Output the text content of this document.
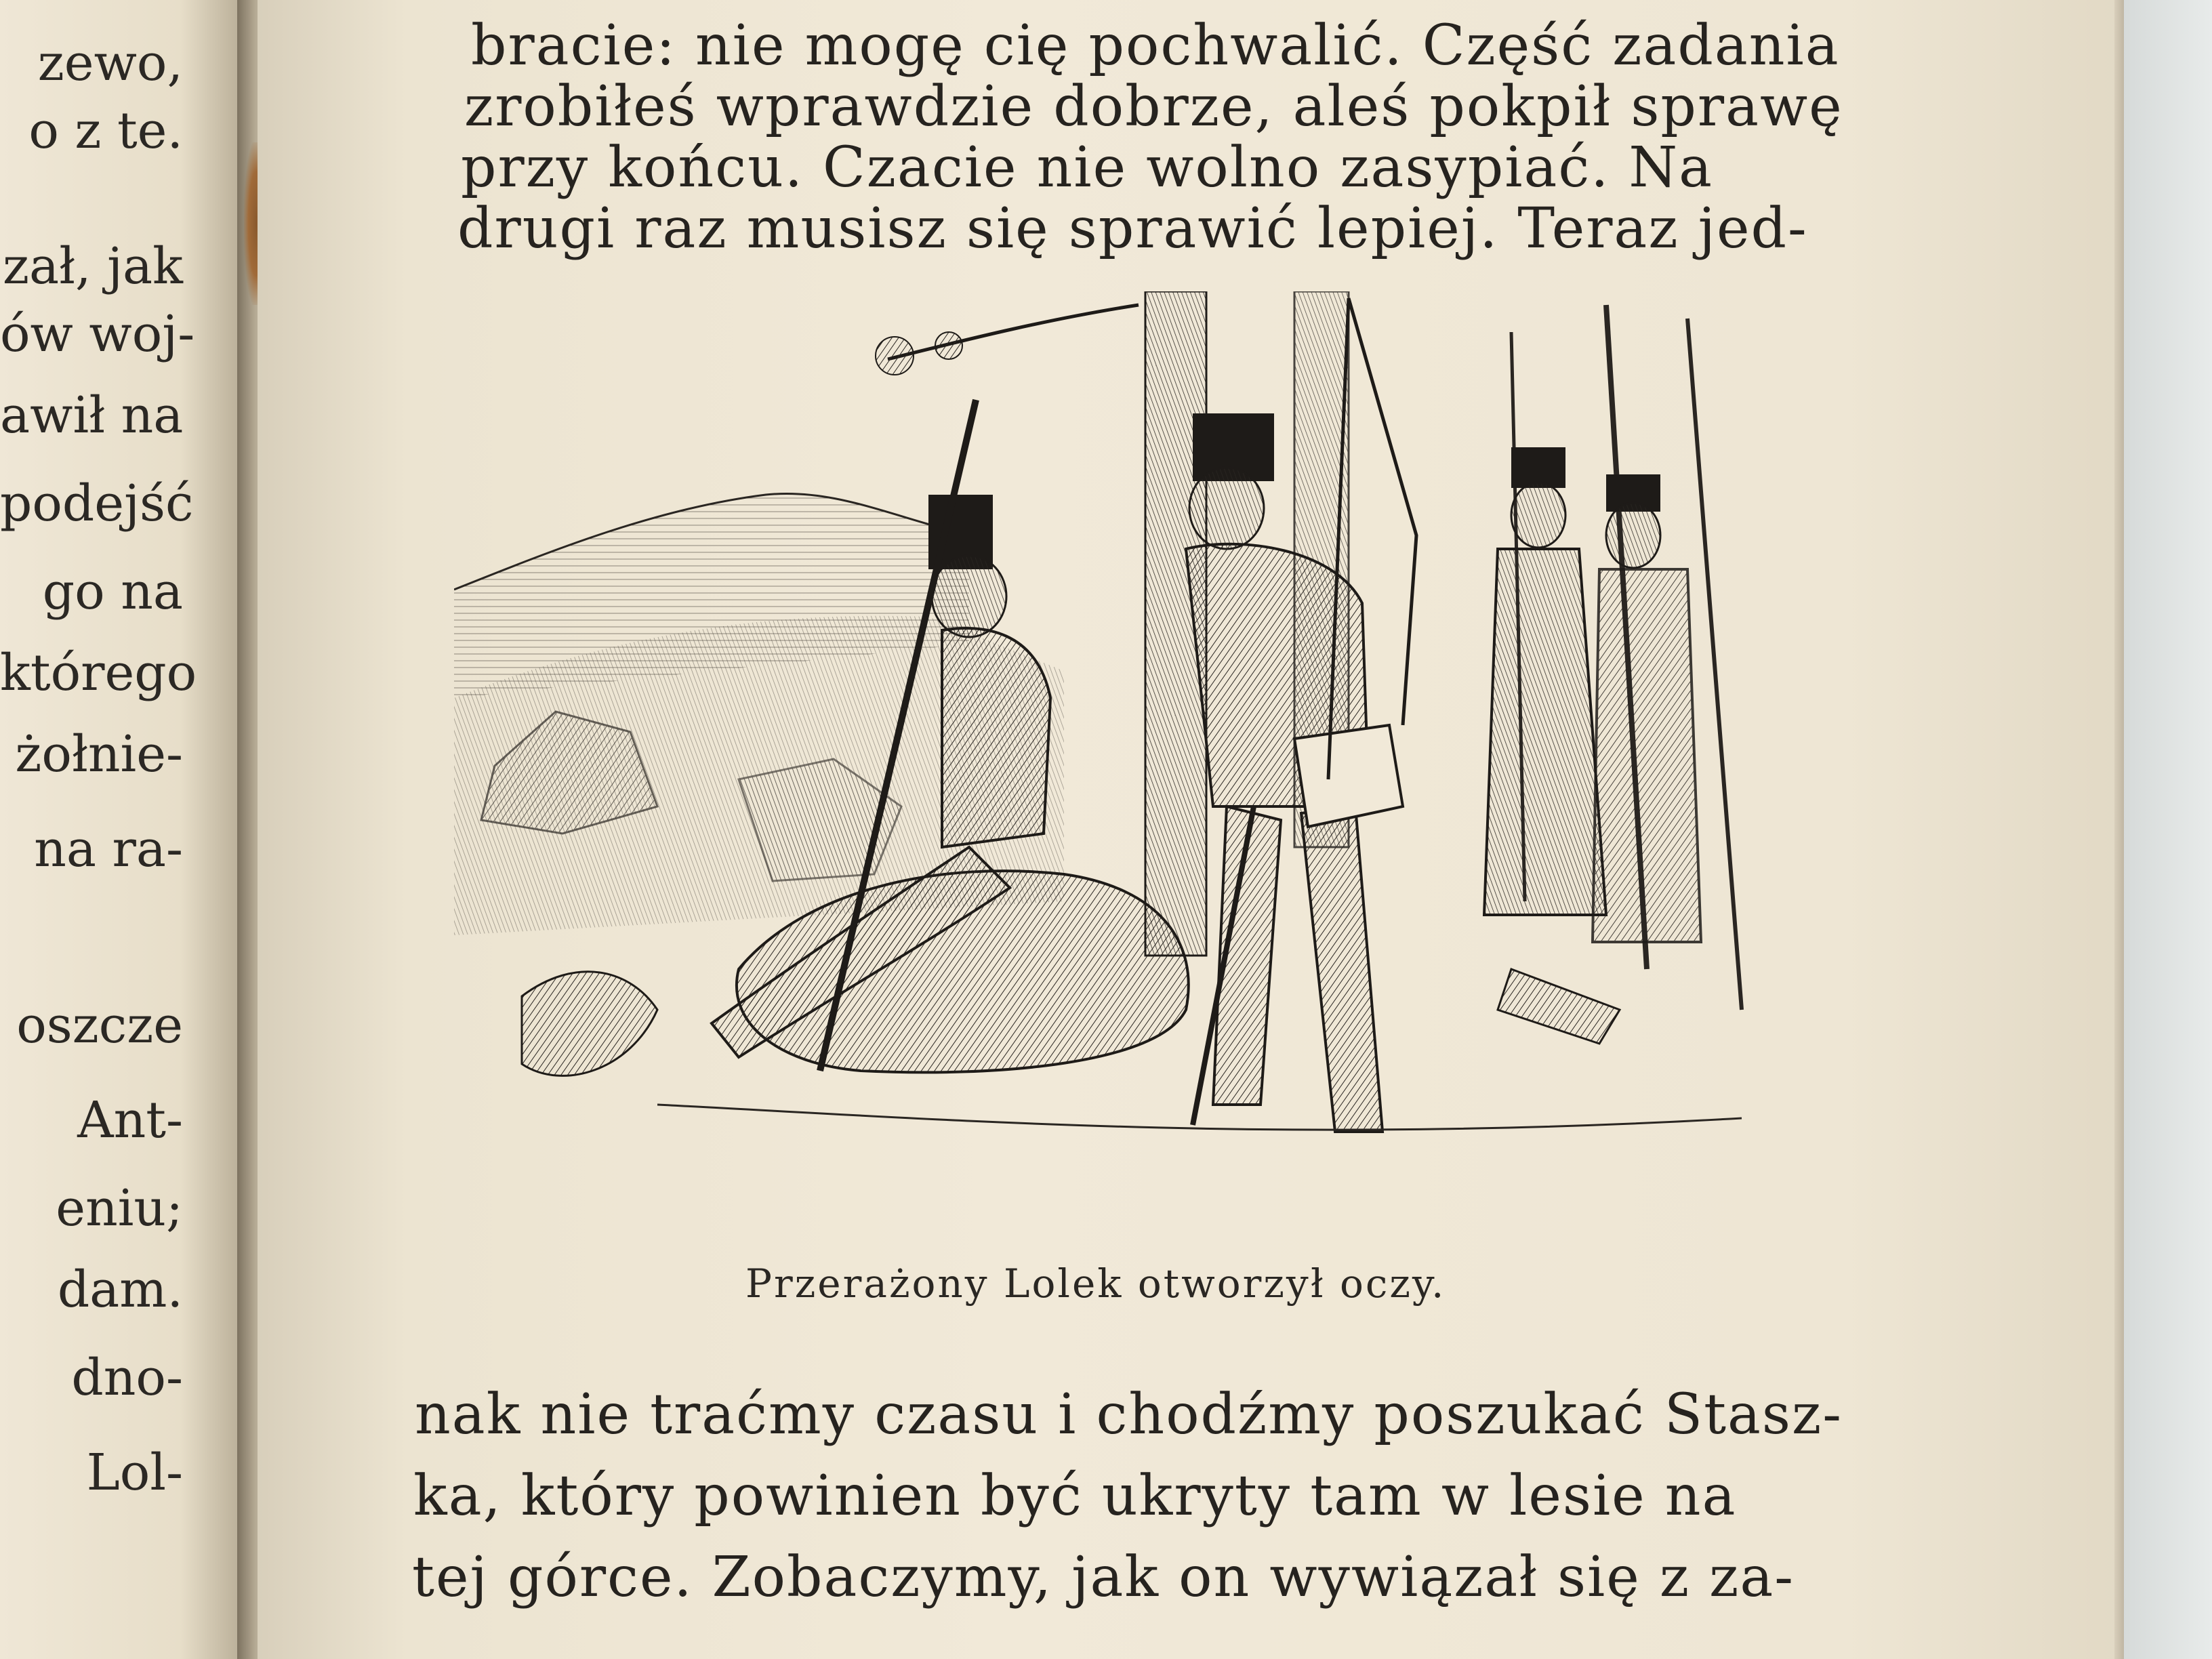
zewo,

o z te.

zał, jak

ów woj-

awił na

podejść

go na

którego

żołnie-

na ra-

oszcze

Ant-

eniu;

dam.

dno-

Lol-

bracie: nie mogę cię pochwalić. Część zadania

zrobiłeś wprawdzie dobrze, aleś pokpił sprawę

przy końcu. Czacie nie wolno zasypiać. Na

drugi raz musisz się sprawić lepiej. Teraz jed-

Przerażony Lolek otworzył oczy.

nak nie traćmy czasu i chodźmy poszukać Stasz-

ka, który powinien być ukryty tam w lesie na

tej górce. Zobaczymy, jak on wywiązał się z za-
